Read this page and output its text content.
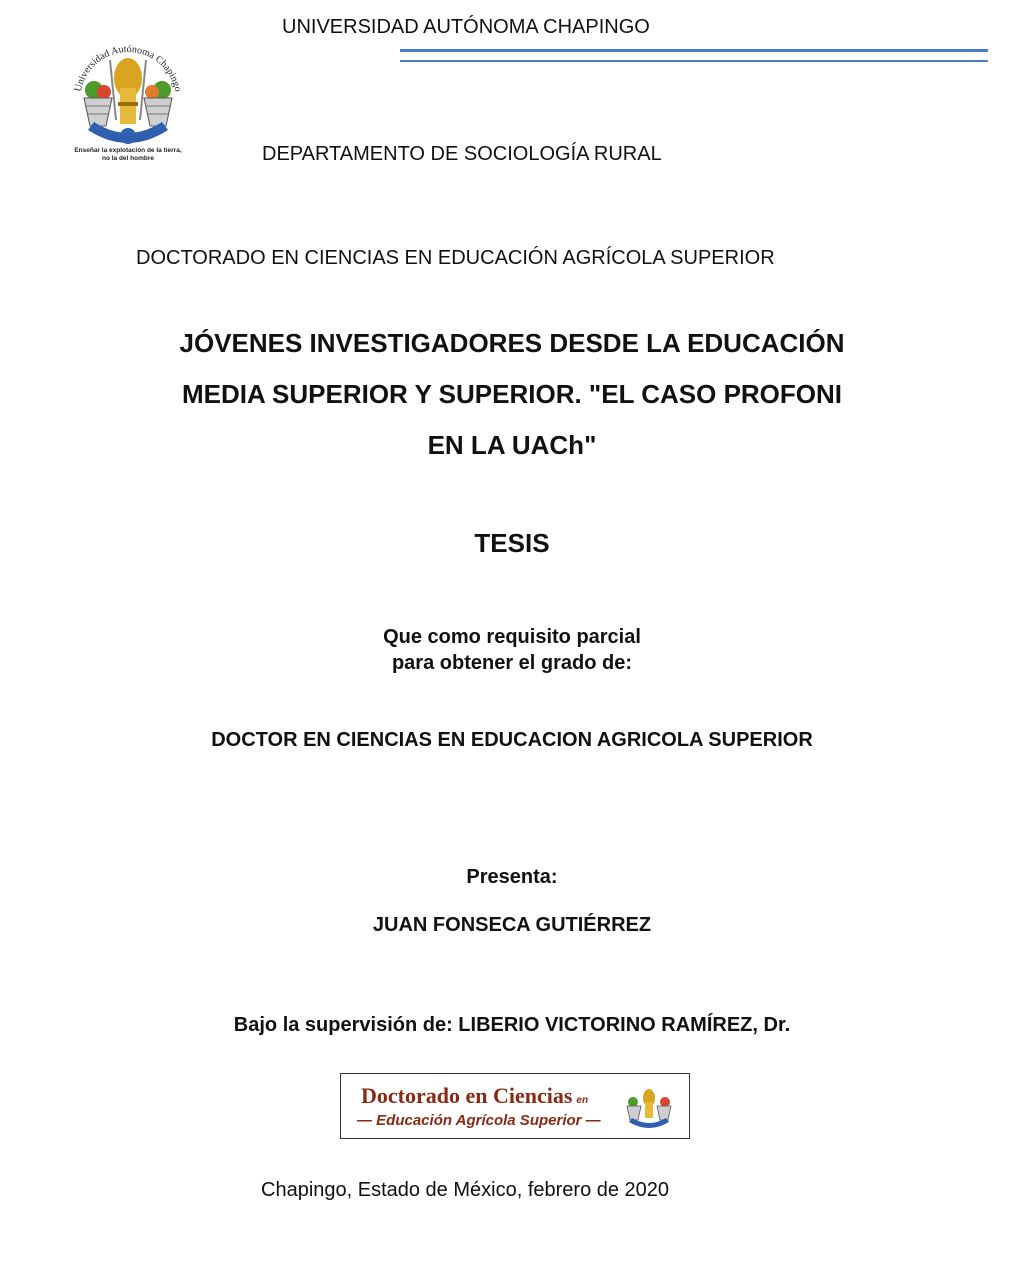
UNIVERSIDAD AUTÓNOMA CHAPINGO
Universidad Autónoma Chapingo
Enseñar la explotación de la tierra,
no la del hombre	DEPARTAMENTO DE SOCIOLOGÍA RURAL
DOCTORADO EN CIENCIAS EN EDUCACIÓN AGRÍCOLA SUPERIOR
JÓVENES INVESTIGADORES DESDE LA EDUCACIÓN
MEDIA SUPERIOR Y SUPERIOR. "EL CASO PROFONI
EN LA UACh"
TESIS
Que como requisito parcial
para obtener el grado de:
DOCTOR EN CIENCIAS EN EDUCACION AGRICOLA SUPERIOR
Presenta:
JUAN FONSECA GUTIÉRREZ
Bajo la supervisión de: LIBERIO VICTORINO RAMÍREZ, Dr.
Doctorado en Ciencias en
— Educación Agrícola Superior —
Chapingo, Estado de México, febrero de 2020
